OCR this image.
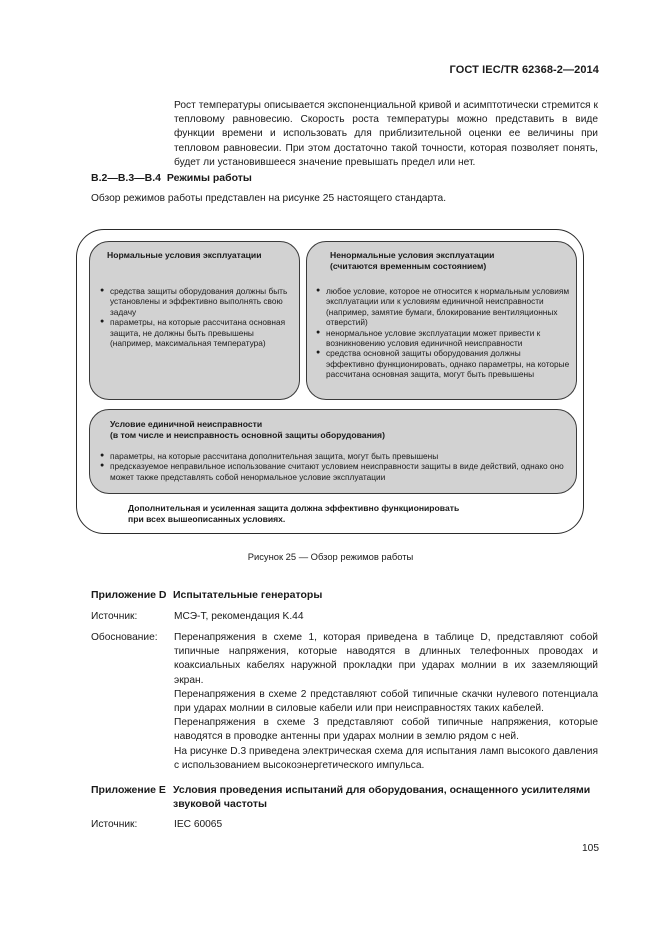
ГОСТ IEC/TR 62368-2—2014

Рост температуры описывается экспоненциальной кривой и асимптотически стремится к тепловому равновесию. Скорость роста температуры можно представить в виде функции времени и использовать для приблизительной оценки ее величины при тепловом равновесии. При этом достаточно такой точности, которая позволяет понять, будет ли установившееся значение превышать предел или нет.

B.2—B.3—B.4 Режимы работы
Обзор режимов работы представлен на рисунке 25 настоящего стандарта.
Нормальные условия эксплуатации
● средства защиты оборудования должны быть установлены и эффективно выполнять свою задачу
● параметры, на которые рассчитана основная защита, не должны быть превышены (например, максимальная температура)
Ненормальные условия эксплуатации
(считаются временным состоянием)
● любое условие, которое не относится к нормальным условиям эксплуатации или к условиям единичной неисправности (например, замятие бумаги, блокирование вентиляционных отверстий)
● ненормальное условие эксплуатации может привести к возникновению условия единичной неисправности
● средства основной защиты оборудования должны эффективно функционировать, однако параметры, на которые рассчитана основная защита, могут быть превышены
Условие единичной неисправности
(в том числе и неисправность основной защиты оборудования)
● параметры, на которые рассчитана дополнительная защита, могут быть превышены
● предсказуемое неправильное использование считают условием неисправности защиты в виде действий, однако оно может также представлять собой ненормальное условие эксплуатации
Дополнительная и усиленная защита должна эффективно функционировать
при всех вышеописанных условиях.
Рисунок 25 — Обзор режимов работы
Приложение D Испытательные генераторы
Источник:	МСЭ-Т, рекомендация K.44
Обоснование: Перенапряжения в схеме 1, которая приведена в таблице D, представляют собой типичные напряжения, которые наводятся в длинных телефонных проводах и коаксиальных кабелях наружной прокладки при ударах молнии в их заземляющий экран.

Перенапряжения в схеме 2 представляют собой типичные скачки нулевого потенциала при ударах молнии в силовые кабели или при неисправностях таких кабелей.

Перенапряжения в схеме 3 представляют собой типичные напряжения, которые наводятся в проводке антенны при ударах молнии в землю рядом с ней.

На рисунке D.3 приведена электрическая схема для испытания ламп высокого давления с использованием высокоэнергетического импульса.

Приложение E Условия проведения испытаний для оборудования, оснащенного усилителями звуковой частоты
Источник:	IEC 60065
105
